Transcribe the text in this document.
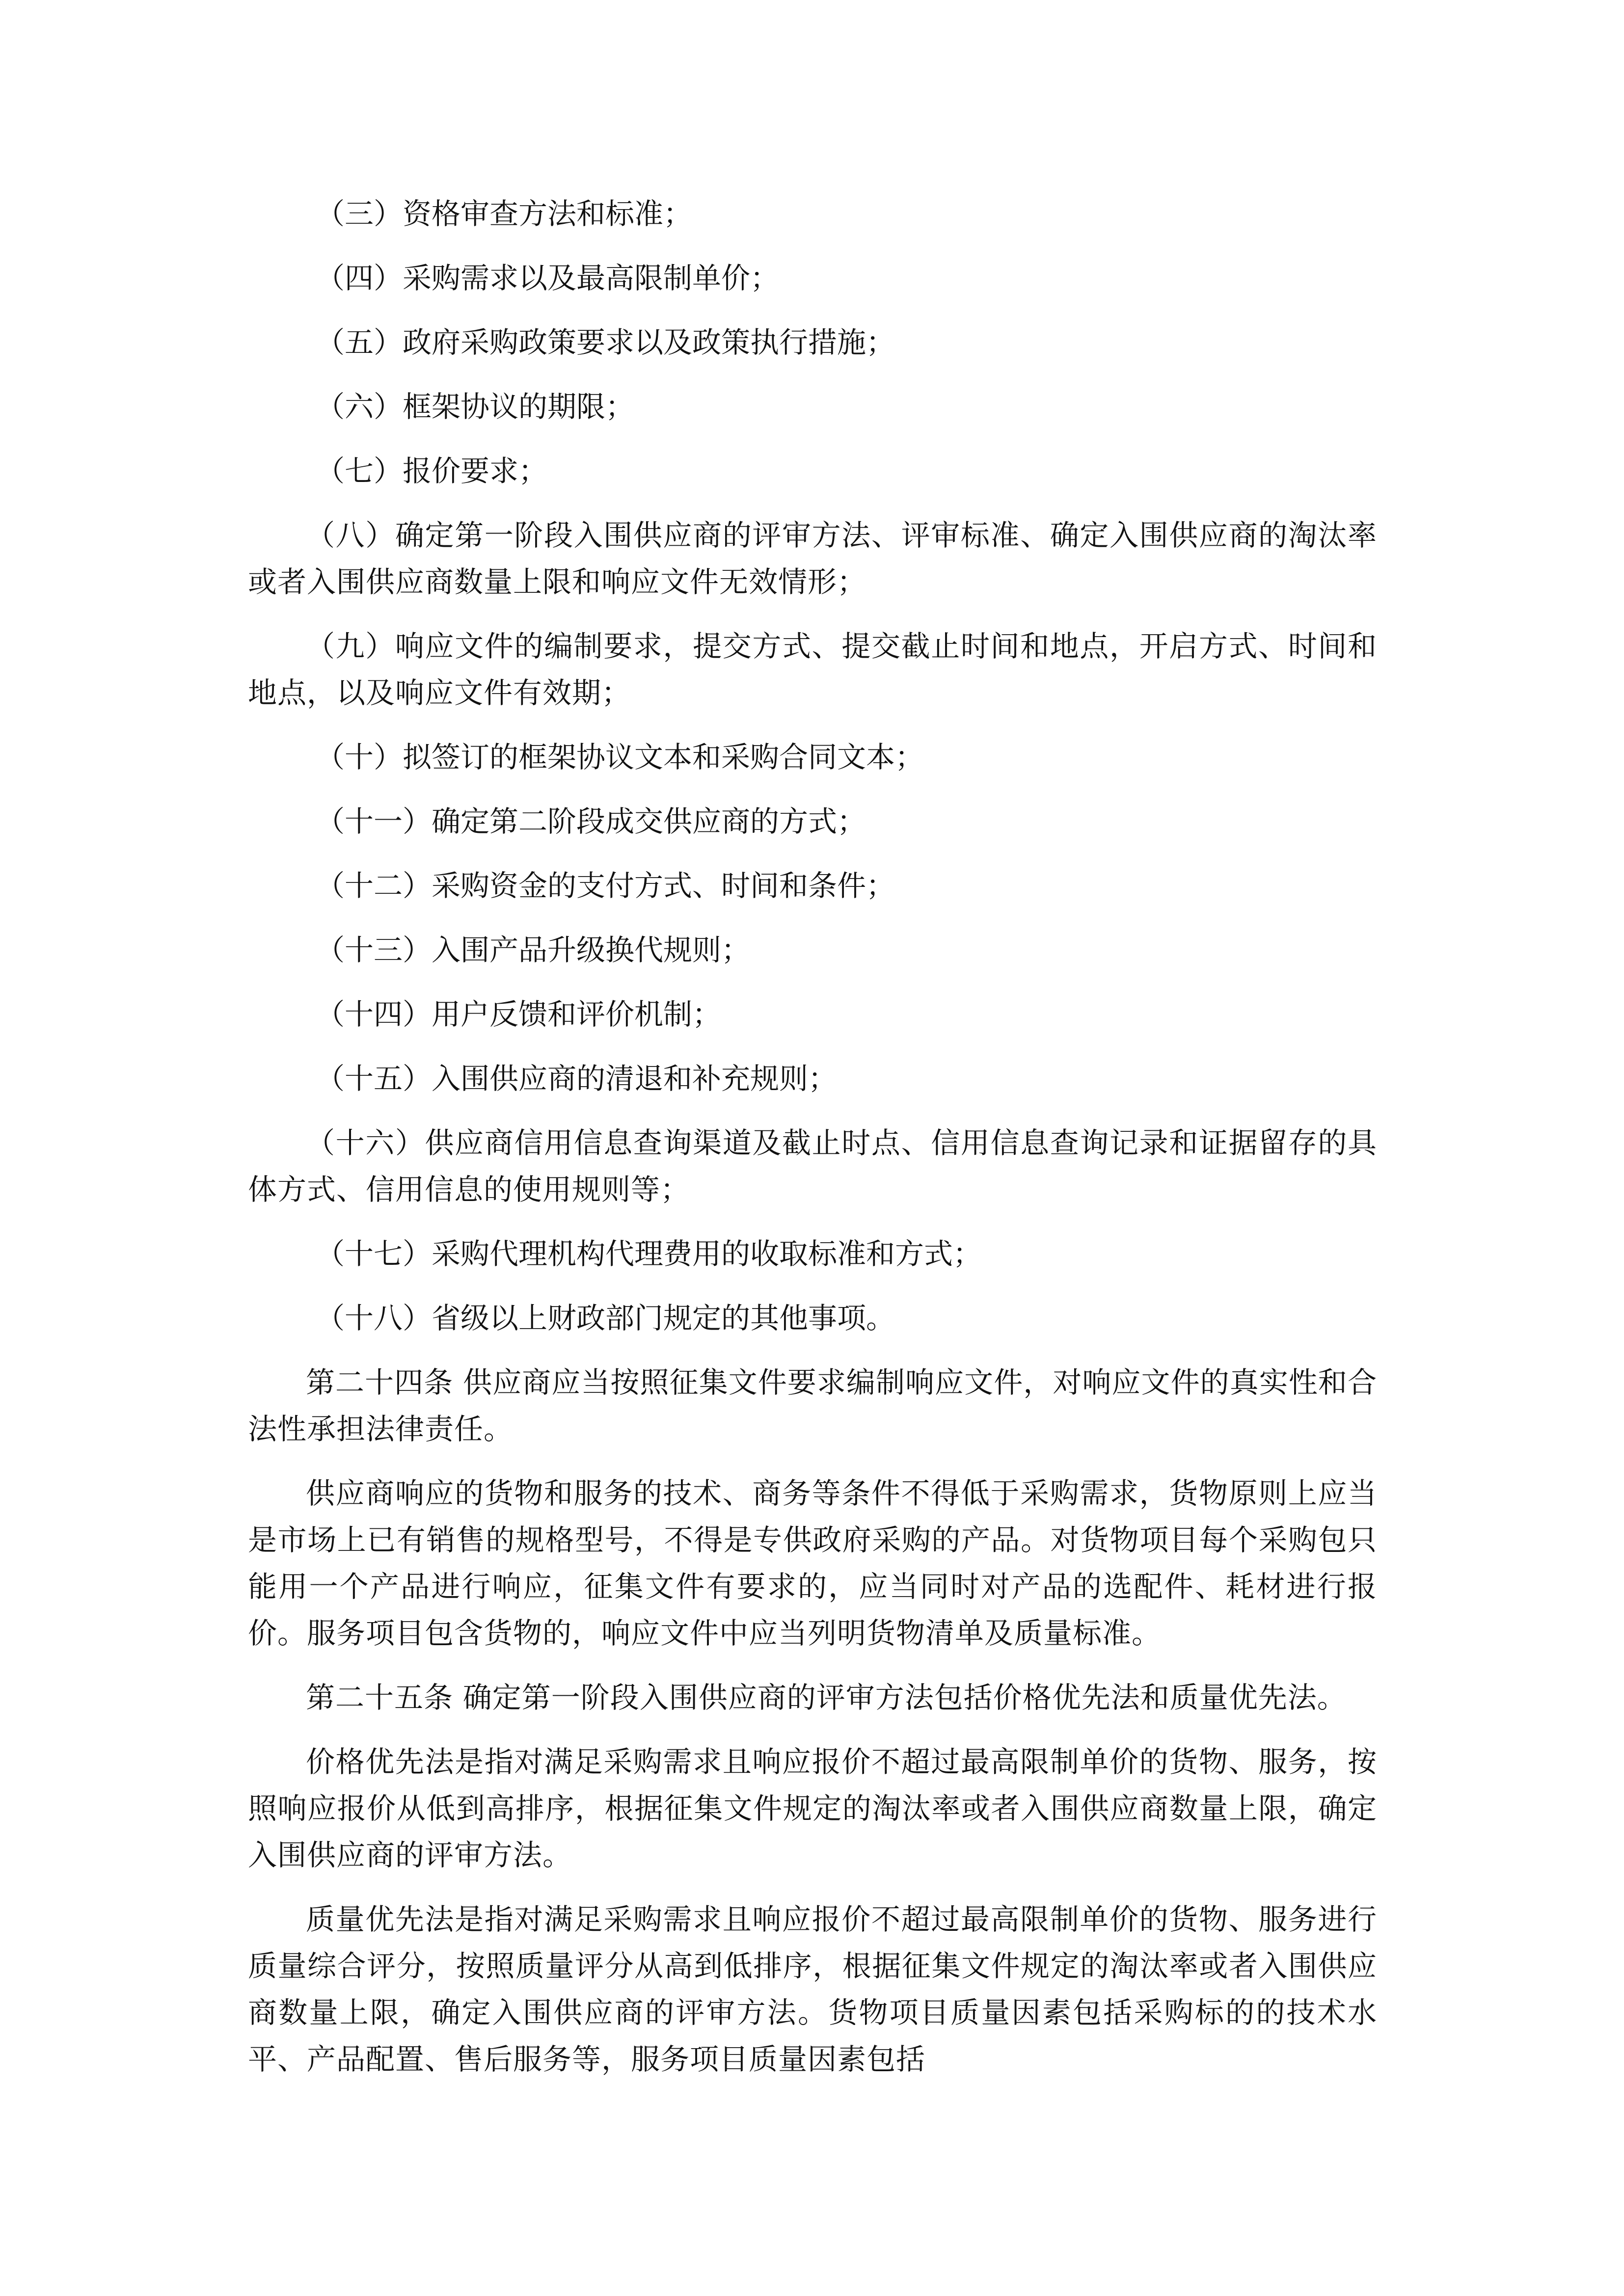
（三）资格审查方法和标准；
（四）采购需求以及最高限制单价；
（五）政府采购政策要求以及政策执行措施；
（六）框架协议的期限；
（七）报价要求；
（八）确定第一阶段入围供应商的评审方法、评审标准、确定入围供应商的淘汰率或者入围供应商数量上限和响应文件无效情形；
（九）响应文件的编制要求，提交方式、提交截止时间和地点，开启方式、时间和地点，以及响应文件有效期；
（十）拟签订的框架协议文本和采购合同文本；
（十一）确定第二阶段成交供应商的方式；
（十二）采购资金的支付方式、时间和条件；
（十三）入围产品升级换代规则；
（十四）用户反馈和评价机制；
（十五）入围供应商的清退和补充规则；
（十六）供应商信用信息查询渠道及截止时点、信用信息查询记录和证据留存的具体方式、信用信息的使用规则等；
（十七）采购代理机构代理费用的收取标准和方式；
（十八）省级以上财政部门规定的其他事项。
第二十四条 供应商应当按照征集文件要求编制响应文件，对响应文件的真实性和合法性承担法律责任。
供应商响应的货物和服务的技术、商务等条件不得低于采购需求，货物原则上应当是市场上已有销售的规格型号，不得是专供政府采购的产品。对货物项目每个采购包只能用一个产品进行响应，征集文件有要求的，应当同时对产品的选配件、耗材进行报价。服务项目包含货物的，响应文件中应当列明货物清单及质量标准。
第二十五条 确定第一阶段入围供应商的评审方法包括价格优先法和质量优先法。
价格优先法是指对满足采购需求且响应报价不超过最高限制单价的货物、服务，按照响应报价从低到高排序，根据征集文件规定的淘汰率或者入围供应商数量上限，确定入围供应商的评审方法。
质量优先法是指对满足采购需求且响应报价不超过最高限制单价的货物、服务进行质量综合评分，按照质量评分从高到低排序，根据征集文件规定的淘汰率或者入围供应商数量上限，确定入围供应商的评审方法。货物项目质量因素包括采购标的的技术水平、产品配置、售后服务等，服务项目质量因素包括
